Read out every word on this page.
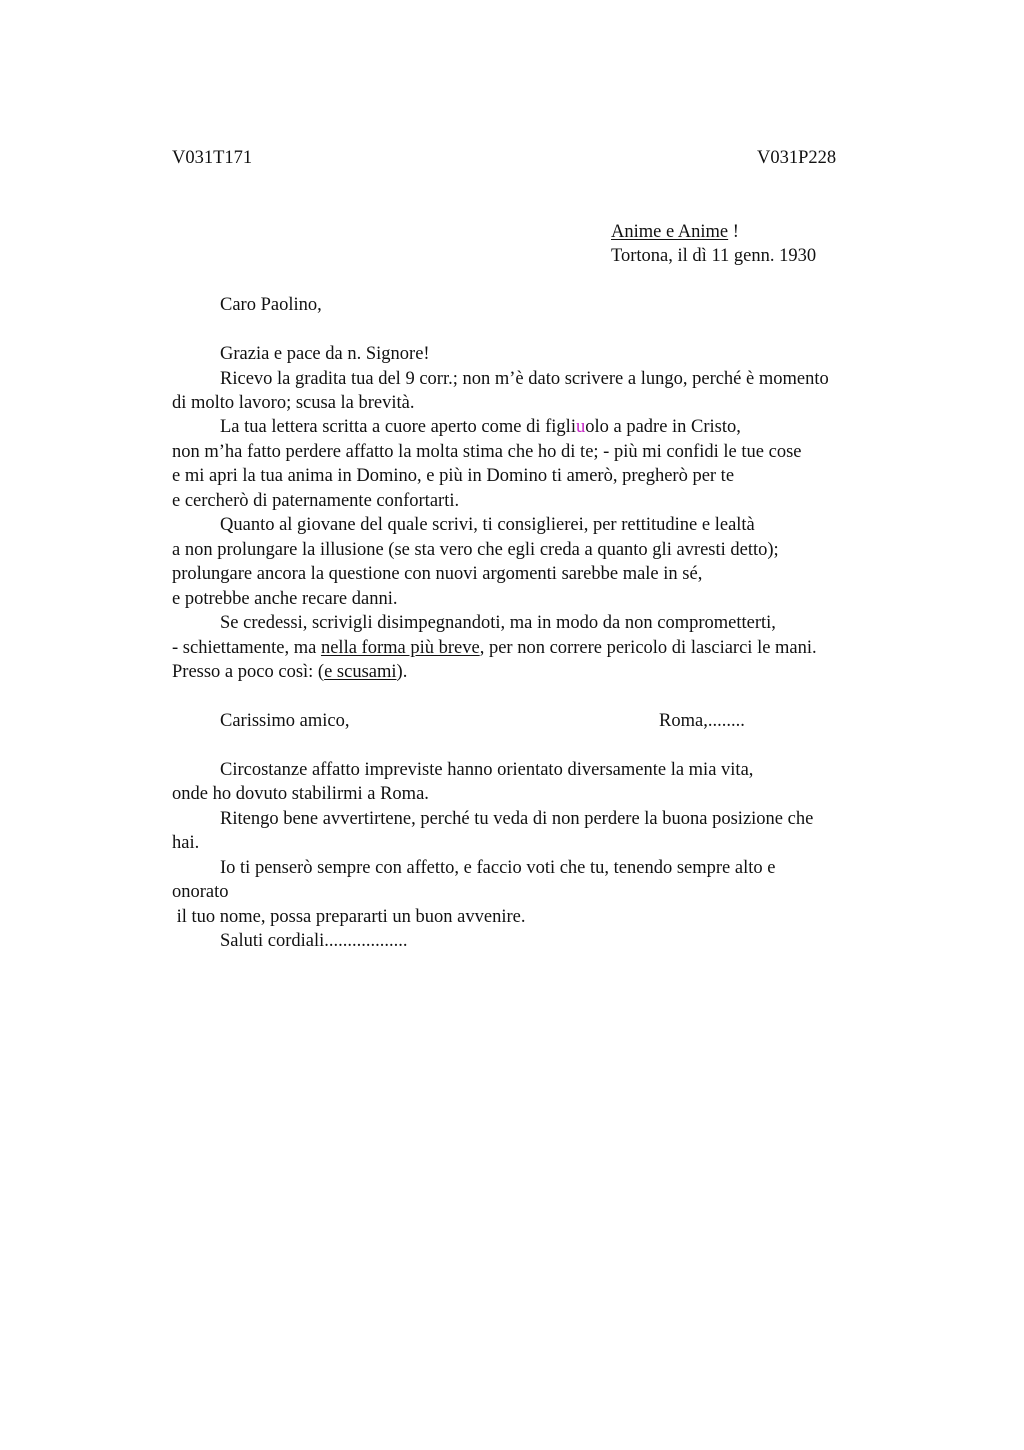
V031T171	V031P228
Anime e Anime !
Tortona, il dì 11 genn. 1930
Caro Paolino,
Grazia e pace da n. Signore!
Ricevo la gradita tua del 9 corr.; non m’è dato scrivere a lungo, perché è momento
di molto lavoro; scusa la brevità.
La tua lettera scritta a cuore aperto come di figliuolo a padre in Cristo,
non m’ha fatto perdere affatto la molta stima che ho di te; - più mi confidi le tue cose
e mi apri la tua anima in Domino, e più in Domino ti amerò, pregherò per te
e cercherò di paternamente confortarti.
Quanto al giovane del quale scrivi, ti consiglierei, per rettitudine e lealtà
a non prolungare la illusione (se sta vero che egli creda a quanto gli avresti detto);
prolungare ancora la questione con nuovi argomenti sarebbe male in sé,
e potrebbe anche recare danni.
Se credessi, scrivigli disimpegnandoti, ma in modo da non comprometterti,
- schiettamente, ma nella forma più breve, per non correre pericolo di lasciarci le mani.
Presso a poco così: (e scusami).
Carissimo amico,	Roma,........
Circostanze affatto impreviste hanno orientato diversamente la mia vita,
onde ho dovuto stabilirmi a Roma.
Ritengo bene avvertirtene, perché tu veda di non perdere la buona posizione che
hai.
Io ti penserò sempre con affetto, e faccio voti che tu, tenendo sempre alto e
onorato
il tuo nome, possa prepararti un buon avvenire.
Saluti cordiali..................
